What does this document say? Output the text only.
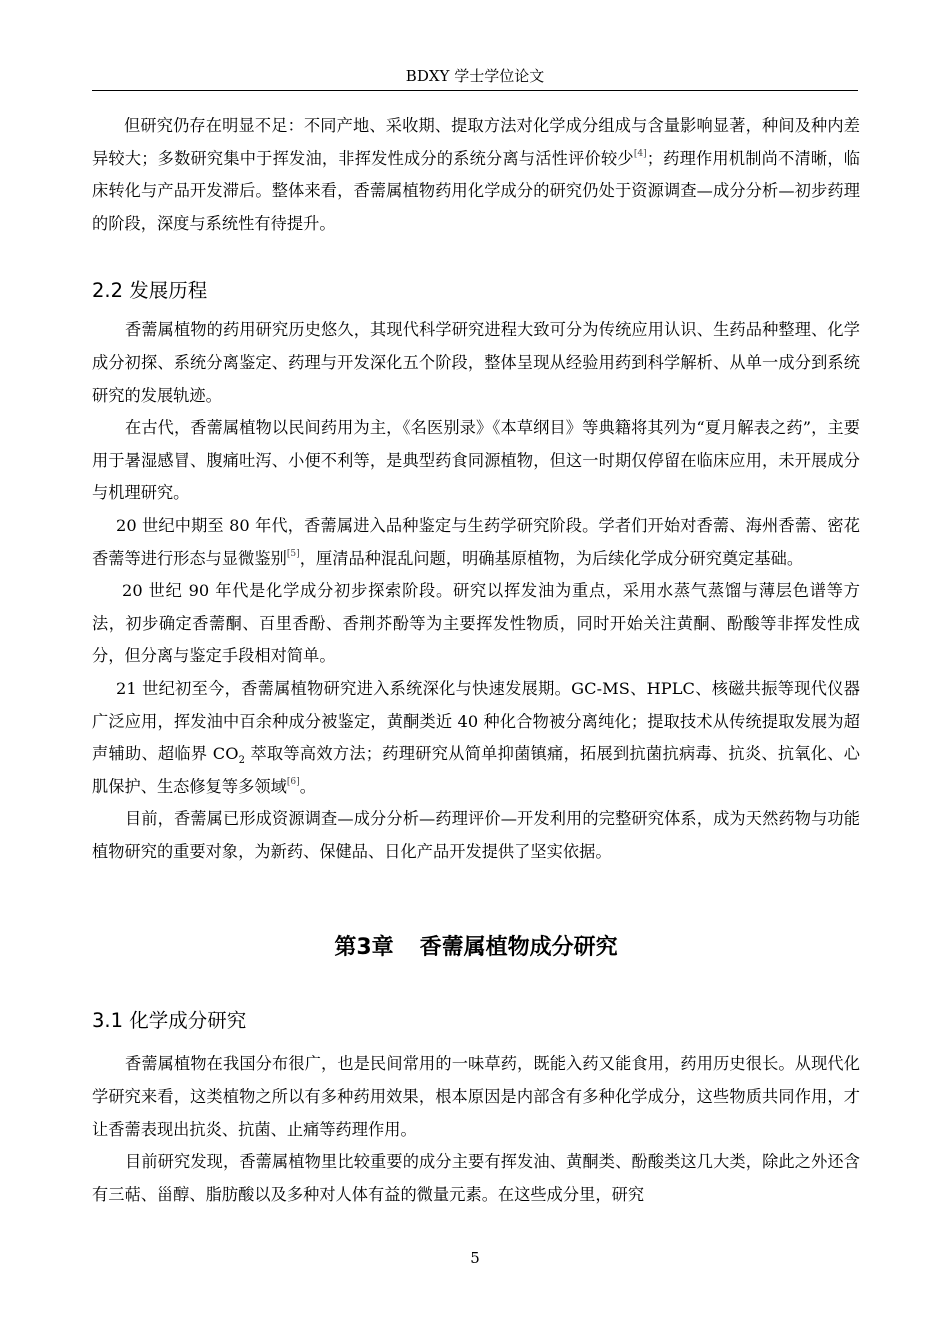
BDXY 学士学位论文

但研究仍存在明显不足：不同产地、采收期、提取方法对化学成分组成与含量影响显著，种间及种内差异较大；多数研究集中于挥发油，非挥发性成分的系统分离与活性评价较少[4]；药理作用机制尚不清晰，临床转化与产品开发滞后。整体来看，香薷属植物药用化学成分的研究仍处于资源调查—成分分析—初步药理的阶段，深度与系统性有待提升。

2.2 发展历程

香薷属植物的药用研究历史悠久，其现代科学研究进程大致可分为传统应用认识、生药品种整理、化学成分初探、系统分离鉴定、药理与开发深化五个阶段，整体呈现从经验用药到科学解析、从单一成分到系统研究的发展轨迹。

在古代，香薷属植物以民间药用为主，《名医别录》《本草纲目》等典籍将其列为“夏月解表之药”，主要用于暑湿感冒、腹痛吐泻、小便不利等，是典型药食同源植物，但这一时期仅停留在临床应用，未开展成分与机理研究。

20 世纪中期至 80 年代，香薷属进入品种鉴定与生药学研究阶段。学者们开始对香薷、海州香薷、密花香薷等进行形态与显微鉴别[5]，厘清品种混乱问题，明确基原植物，为后续化学成分研究奠定基础。

20 世纪 90 年代是化学成分初步探索阶段。研究以挥发油为重点，采用水蒸气蒸馏与薄层色谱等方法，初步确定香薷酮、百里香酚、香荆芥酚等为主要挥发性物质，同时开始关注黄酮、酚酸等非挥发性成分，但分离与鉴定手段相对简单。

21 世纪初至今，香薷属植物研究进入系统深化与快速发展期。GC-MS、HPLC、核磁共振等现代仪器广泛应用，挥发油中百余种成分被鉴定，黄酮类近 40 种化合物被分离纯化；提取技术从传统提取发展为超声辅助、超临界 $CO_2$ 萃取等高效方法；药理研究从简单抑菌镇痛，拓展到抗菌抗病毒、抗炎、抗氧化、心肌保护、生态修复等多领域[6]。

目前，香薷属已形成资源调查—成分分析—药理评价—开发利用的完整研究体系，成为天然药物与功能植物研究的重要对象，为新药、保健品、日化产品开发提供了坚实依据。

第3章 香薷属植物成分研究
3.1 化学成分研究

香薷属植物在我国分布很广，也是民间常用的一味草药，既能入药又能食用，药用历史很长。从现代化学研究来看，这类植物之所以有多种药用效果，根本原因是内部含有多种化学成分，这些物质共同作用，才让香薷表现出抗炎、抗菌、止痛等药理作用。

目前研究发现，香薷属植物里比较重要的成分主要有挥发油、黄酮类、酚酸类这几大类，除此之外还含有三萜、甾醇、脂肪酸以及多种对人体有益的微量元素。在这些成分里，研究

5
